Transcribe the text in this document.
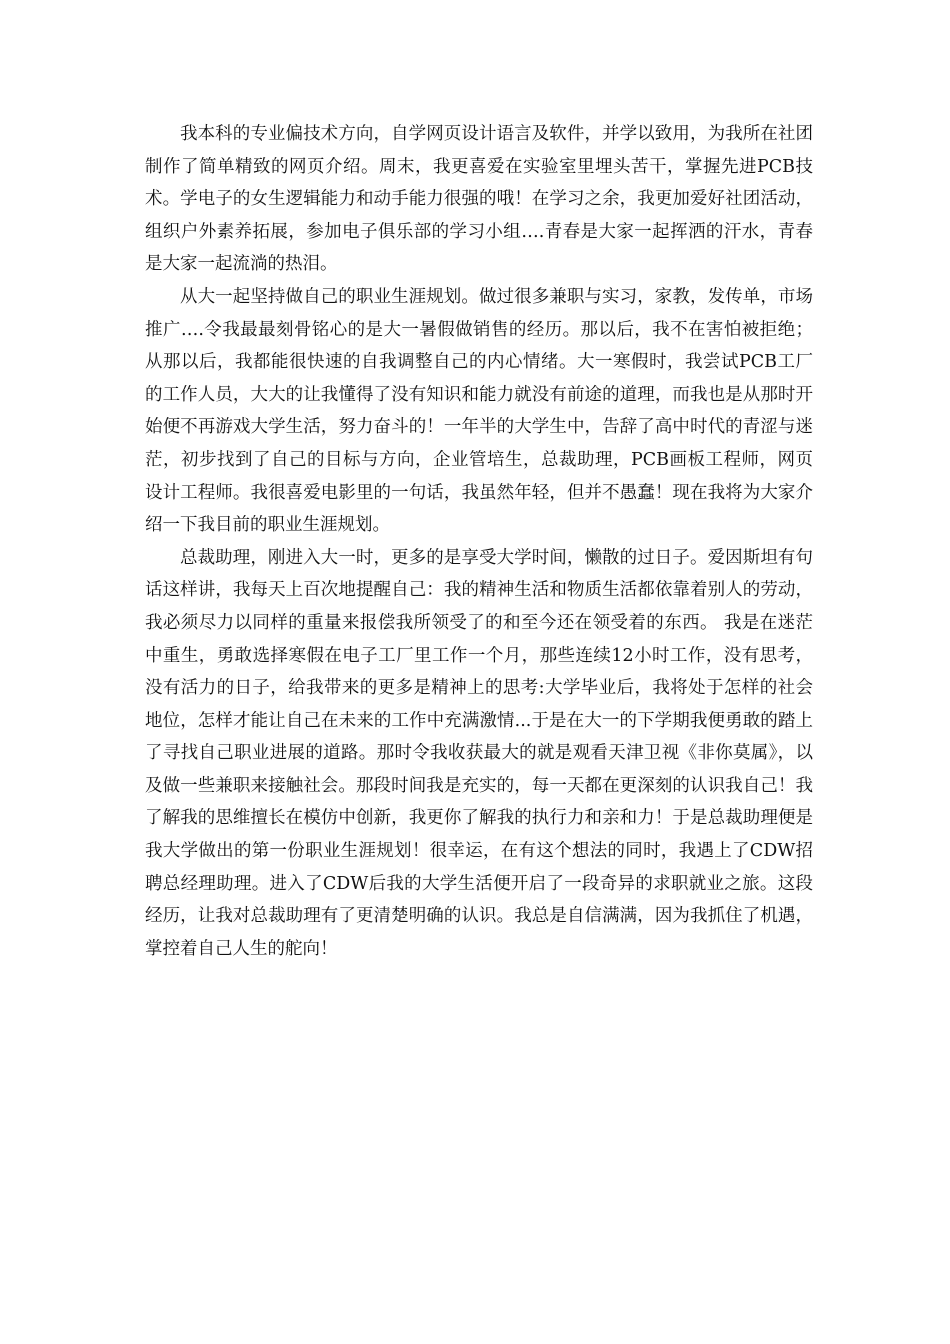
我本科的专业偏技术方向，自学网页设计语言及软件，并学以致用，为我所在社团制作了简单精致的网页介绍。周末，我更喜爱在实验室里埋头苦干，掌握先进PCB技术。学电子的女生逻辑能力和动手能力很强的哦！在学习之余，我更加爱好社团活动，组织户外素养拓展，参加电子俱乐部的学习小组….青春是大家一起挥洒的汗水，青春是大家一起流淌的热泪。

从大一起坚持做自己的职业生涯规划。做过很多兼职与实习，家教，发传单，市场推广….令我最最刻骨铭心的是大一暑假做销售的经历。那以后，我不在害怕被拒绝；从那以后，我都能很快速的自我调整自己的内心情绪。大一寒假时，我尝试PCB工厂的工作人员，大大的让我懂得了没有知识和能力就没有前途的道理，而我也是从那时开始便不再游戏大学生活，努力奋斗的！一年半的大学生中，告辞了高中时代的青涩与迷茫，初步找到了自己的目标与方向，企业管培生，总裁助理，PCB画板工程师，网页设计工程师。我很喜爱电影里的一句话，我虽然年轻，但并不愚蠢！现在我将为大家介绍一下我目前的职业生涯规划。

总裁助理，刚进入大一时，更多的是享受大学时间，懒散的过日子。爱因斯坦有句话这样讲，我每天上百次地提醒自己：我的精神生活和物质生活都依靠着别人的劳动，我必须尽力以同样的重量来报偿我所领受了的和至今还在领受着的东西。 我是在迷茫中重生，勇敢选择寒假在电子工厂里工作一个月，那些连续12小时工作，没有思考，没有活力的日子，给我带来的更多是精神上的思考:大学毕业后，我将处于怎样的社会地位，怎样才能让自己在未来的工作中充满激情...于是在大一的下学期我便勇敢的踏上了寻找自己职业进展的道路。那时令我收获最大的就是观看天津卫视《非你莫属》，以及做一些兼职来接触社会。那段时间我是充实的，每一天都在更深刻的认识我自己！我了解我的思维擅长在模仿中创新，我更你了解我的执行力和亲和力！于是总裁助理便是我大学做出的第一份职业生涯规划！很幸运，在有这个想法的同时，我遇上了CDW招聘总经理助理。进入了CDW后我的大学生活便开启了一段奇异的求职就业之旅。这段经历，让我对总裁助理有了更清楚明确的认识。我总是自信满满，因为我抓住了机遇，掌控着自己人生的舵向！
